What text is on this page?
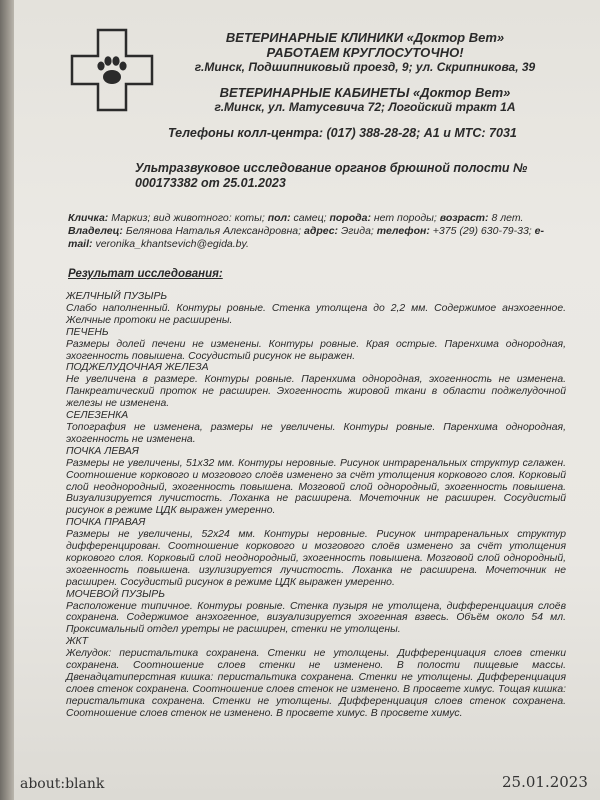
ВЕТЕРИНАРНЫЕ КЛИНИКИ «Доктор Вет»
РАБОТАЕМ КРУГЛОСУТОЧНО!
г.Минск, Подшипниковый проезд, 9; ул. Скрипникова, 39
ВЕТЕРИНАРНЫЕ КАБИНЕТЫ «Доктор Вет»
г.Минск, ул. Матусевича 72; Логойский тракт 1А
Телефоны колл-центра: (017) 388-28-28; А1 и МТС: 7031
Ультразвуковое исследование органов брюшной полости №

000173382 от 25.01.2023
Кличка: Маркиз; вид животного: коты; пол: самец; порода: нет породы; возраст: 8 лет.
Владелец: Белянова Наталья Александровна; адрес: Эгида; телефон: +375 (29) 630-79-33; e-mail: veronika_khantsevich@egida.by.
Результат исследования:
ЖЕЛЧНЫЙ ПУЗЫРЬ
Слабо наполненный. Контуры ровные. Стенка утолщена до 2,2 мм. Содержимое анэхогенное. Желчные протоки не расширены.
ПЕЧЕНЬ
Размеры долей печени не изменены. Контуры ровные. Края острые. Паренхима однородная, эхогенность повышена. Сосудистый рисунок не выражен.
ПОДЖЕЛУДОЧНАЯ ЖЕЛЕЗА
Не увеличена в размере. Контуры ровные. Паренхима однородная, эхогенность не изменена. Панкреатический проток не расширен. Эхогенность жировой ткани в области поджелудочной железы не изменена.
СЕЛЕЗЕНКА
Топография не изменена, размеры не увеличены. Контуры ровные. Паренхима однородная, эхогенность не изменена.
ПОЧКА ЛЕВАЯ
Размеры не увеличены, 51х32 мм. Контуры неровные. Рисунок интраренальных структур сглажен. Соотношение коркового и мозгового слоёв изменено за счёт утолщения коркового слоя. Корковый слой неоднородный, эхогенность повышена. Мозговой слой однородный, эхогенность повышена. Визуализируется лучистость. Лоханка не расширена. Мочеточник не расширен. Сосудистый рисунок в режиме ЦДК выражен умеренно.
ПОЧКА ПРАВАЯ
Размеры не увеличены, 52х24 мм. Контуры неровные. Рисунок интраренальных структур дифференцирован. Соотношение коркового и мозгового слоёв изменено за счёт утолщения коркового слоя. Корковый слой неоднородный, эхогенность повышена. Мозговой слой однородный, эхогенность повышена. изулизируется лучистость. Лоханка не расширена. Мочеточник не расширен. Сосудистый рисунок в режиме ЦДК выражен умеренно.
МОЧЕВОЙ ПУЗЫРЬ
Расположение типичное. Контуры ровные. Стенка пузыря не утолщена, дифференциация слоёв сохранена. Содержимое анэхогенное, визуализируется эхогенная взвесь. Объём около 54 мл. Проксимальный отдел уретры не расширен, стенки не утолщены.
ЖКТ
Желудок: перистальтика сохранена. Стенки не утолщены. Дифференциация слоев стенки сохранена. Соотношение слоев стенки не изменено. В полости пищевые массы. Двенадцатиперстная кишка: перистальтика сохранена. Стенки не утолщены. Дифференциация слоев стенок сохранена. Соотношение слоев стенок не изменено. В просвете химус. Тощая кишка: перистальтика сохранена. Стенки не утолщены. Дифференциация слоев стенок сохранена. Соотношение слоев стенок не изменено. В просвете химус. В просвете химус.
about:blank	25.01.2023
